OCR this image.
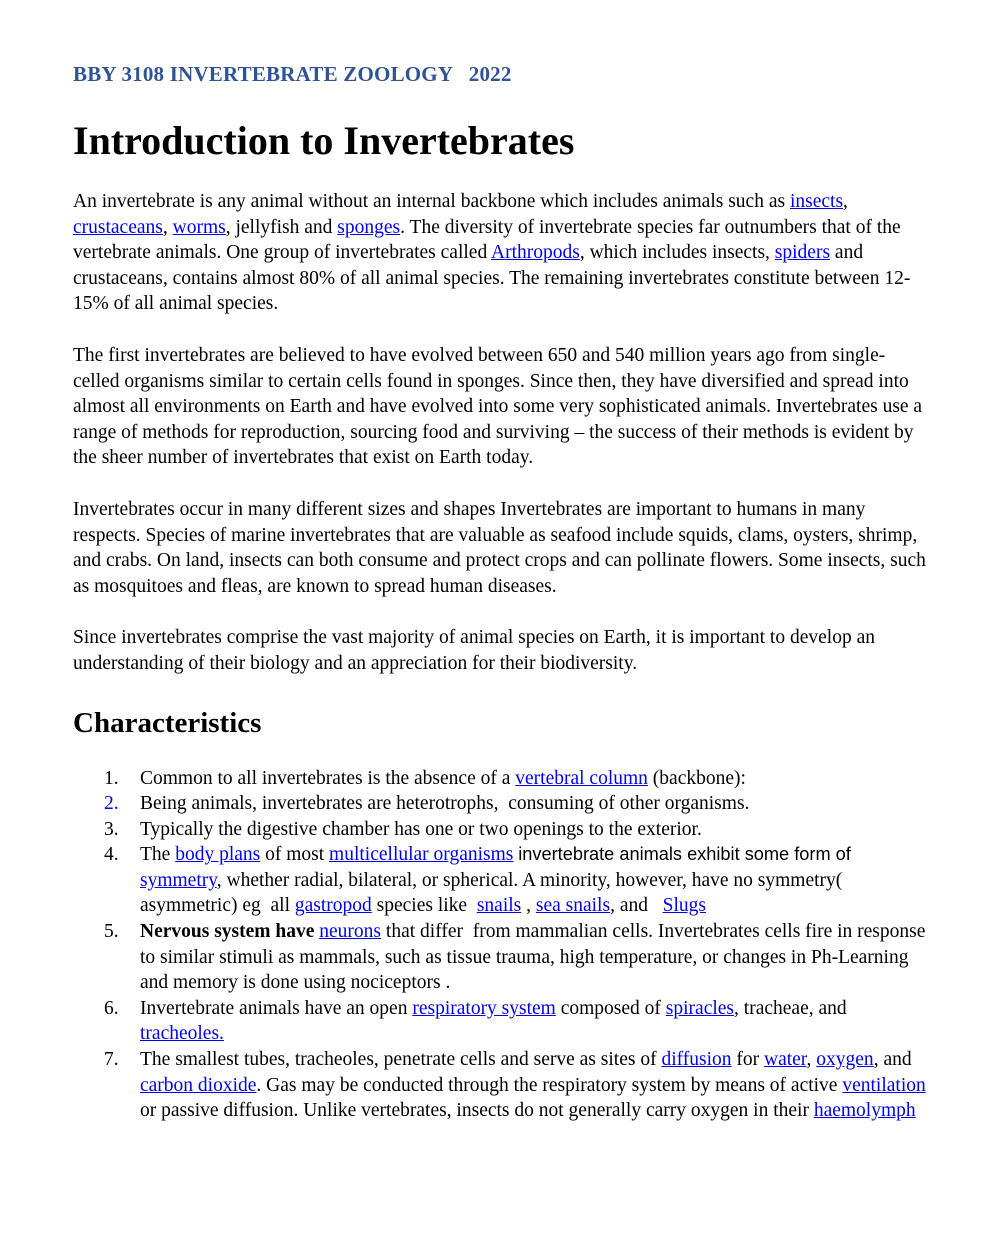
BBY 3108 INVERTEBRATE ZOOLOGY   2022
Introduction to Invertebrates
An invertebrate is any animal without an internal backbone which includes animals such as insects, crustaceans, worms, jellyfish and sponges. The diversity of invertebrate species far outnumbers that of the vertebrate animals. One group of invertebrates called Arthropods, which includes insects, spiders and crustaceans, contains almost 80% of all animal species. The remaining invertebrates constitute between 12-15% of all animal species.
The first invertebrates are believed to have evolved between 650 and 540 million years ago from single-celled organisms similar to certain cells found in sponges. Since then, they have diversified and spread into almost all environments on Earth and have evolved into some very sophisticated animals. Invertebrates use a range of methods for reproduction, sourcing food and surviving – the success of their methods is evident by the sheer number of invertebrates that exist on Earth today.
Invertebrates occur in many different sizes and shapes Invertebrates are important to humans in many respects. Species of marine invertebrates that are valuable as seafood include squids, clams, oysters, shrimp, and crabs. On land, insects can both consume and protect crops and can pollinate flowers. Some insects, such as mosquitoes and fleas, are known to spread human diseases.
Since invertebrates comprise the vast majority of animal species on Earth, it is important to develop an understanding of their biology and an appreciation for their biodiversity.
Characteristics
1. Common to all invertebrates is the absence of a vertebral column (backbone):
2. Being animals, invertebrates are heterotrophs,  consuming of other organisms.
3. Typically the digestive chamber has one or two openings to the exterior.
4. The body plans of most multicellular organisms invertebrate animals exhibit some form of symmetry, whether radial, bilateral, or spherical. A minority, however, have no symmetry( asymmetric) eg  all gastropod species like  snails , sea snails, and   Slugs
5. Nervous system have neurons that differ  from mammalian cells. Invertebrates cells fire in response to similar stimuli as mammals, such as tissue trauma, high temperature, or changes in Ph-Learning and memory is done using nociceptors .
6. Invertebrate animals have an open respiratory system composed of spiracles, tracheae, and tracheoles.
7. The smallest tubes, tracheoles, penetrate cells and serve as sites of diffusion for water, oxygen, and carbon dioxide. Gas may be conducted through the respiratory system by means of active ventilation or passive diffusion. Unlike vertebrates, insects do not generally carry oxygen in their haemolymph
